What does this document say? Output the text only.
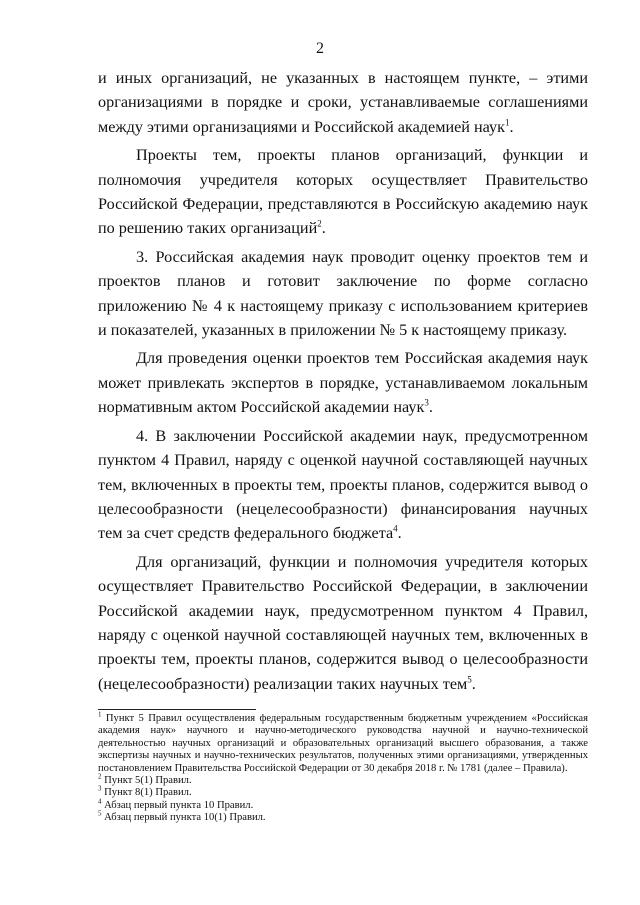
2

и иных организаций, не указанных в настоящем пункте, – этими организациями в порядке и сроки, устанавливаемые соглашениями между этими организациями и Российской академией наук$^1$.

Проекты тем, проекты планов организаций, функции и полномочия учредителя которых осуществляет Правительство Российской Федерации, представляются в Российскую академию наук по решению таких организаций$^2$.

3. Российская академия наук проводит оценку проектов тем и проектов планов и готовит заключение по форме согласно приложению № 4 к настоящему приказу с использованием критериев и показателей, указанных в приложении № 5 к настоящему приказу.

Для проведения оценки проектов тем Российская академия наук может привлекать экспертов в порядке, устанавливаемом локальным нормативным актом Российской академии наук$^3$.

4. В заключении Российской академии наук, предусмотренном пунктом 4 Правил, наряду с оценкой научной составляющей научных тем, включенных в проекты тем, проекты планов, содержится вывод о целесообразности (нецелесообразности) финансирования научных тем за счет средств федерального бюджета$^4$.

Для организаций, функции и полномочия учредителя которых осуществляет Правительство Российской Федерации, в заключении Российской академии наук, предусмотренном пунктом 4 Правил, наряду с оценкой научной составляющей научных тем, включенных в проекты тем, проекты планов, содержится вывод о целесообразности (нецелесообразности) реализации таких научных тем$^5$.

$^1$ Пункт 5 Правил осуществления федеральным государственным бюджетным учреждением «Российская академия наук» научного и научно-методического руководства научной и научно-технической деятельностью научных организаций и образовательных организаций высшего образования, а также экспертизы научных и научно-технических результатов, полученных этими организациями, утвержденных постановлением Правительства Российской Федерации от 30 декабря 2018 г. № 1781 (далее – Правила).

$^2$ Пункт 5(1) Правил.

$^3$ Пункт 8(1) Правил.

$^4$ Абзац первый пункта 10 Правил.

$^5$ Абзац первый пункта 10(1) Правил.
